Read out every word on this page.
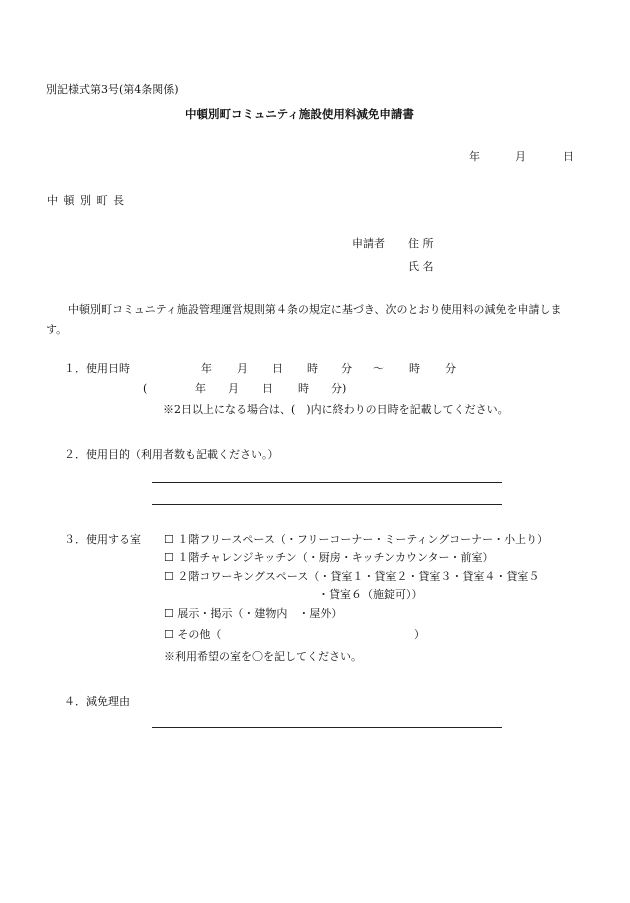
別記様式第3号(第4条関係)
中頓別町コミュニティ施設使用料減免申請書
年	月	日
中 頓 別 町 長
申請者 住 所
氏 名
中頓別町コミュニティ施設管理運営規則第４条の規定に基づき、次のとおり使用料の減免を申請します。
１．使用日時	年 月 日 時 分 〜 時 分
(	年 月 日 時 分)
※2日以上になる場合は、(　)内に終わりの日時を記載してください。
２．使用目的（利用者数も記載ください。）
３．使用する室 ☐ １階フリースペース（・フリーコーナー・ミーティングコーナー・小上り）
☐ １階チャレンジキッチン（・厨房・キッチンカウンター・前室）
☐ ２階コワーキングスペース（・貸室１・貸室２・貸室３・貸室４・貸室５
・貸室６（施錠可））
☐ 展示・掲示（・建物内　・屋外）
☐ その他（	）
※利用希望の室を〇を記してください。
４．減免理由
